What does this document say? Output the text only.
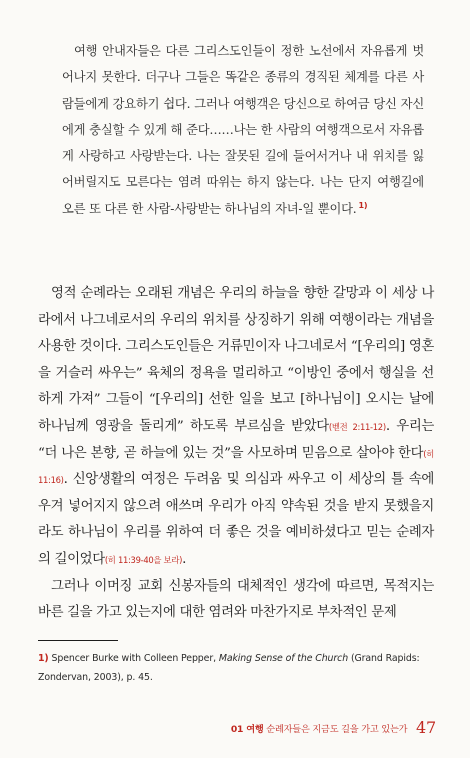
여행 안내자들은 다른 그리스도인들이 정한 노선에서 자유롭게 벗어나지 못한다. 더구나 그들은 똑같은 종류의 경직된 체계를 다른 사람들에게 강요하기 쉽다. 그러나 여행객은 당신으로 하여금 당신 자신에게 충실할 수 있게 해 준다……나는 한 사람의 여행객으로서 자유롭게 사랑하고 사랑받는다. 나는 잘못된 길에 들어서거나 내 위치를 잃어버릴지도 모른다는 염려 따위는 하지 않는다. 나는 단지 여행길에 오른 또 다른 한 사람-사랑받는 하나님의 자녀-일 뿐이다. $^{1)}$

영적 순례라는 오래된 개념은 우리의 하늘을 향한 갈망과 이 세상 나라에서 나그네로서의 우리의 위치를 상징하기 위해 여행이라는 개념을 사용한 것이다. 그리스도인들은 거류민이자 나그네로서 “[우리의] 영혼을 거슬러 싸우는” 육체의 정욕을 멀리하고 “이방인 중에서 행실을 선하게 가져” 그들이 “[우리의] 선한 일을 보고 [하나님이] 오시는 날에 하나님께 영광을 돌리게” 하도록 부르심을 받았다(벧전 2:11-12). 우리는 “더 나은 본향, 곧 하늘에 있는 것”을 사모하며 믿음으로 살아야 한다(히 11:16). 신앙생활의 여정은 두려움 및 의심과 싸우고 이 세상의 틀 속에 우겨 넣어지지 않으려 애쓰며 우리가 아직 약속된 것을 받지 못했을지라도 하나님이 우리를 위하여 더 좋은 것을 예비하셨다고 믿는 순례자의 길이었다(히 11:39-40을 보라).

그러나 이머징 교회 신봉자들의 대체적인 생각에 따르면, 목적지는 바른 길을 가고 있는지에 대한 염려와 마찬가지로 부차적인 문제

1) Spencer Burke with Colleen Pepper, Making Sense of the Church (Grand Rapids: Zondervan, 2003), p. 45.
01 여행 순례자들은 지금도 길을 가고 있는가 47
